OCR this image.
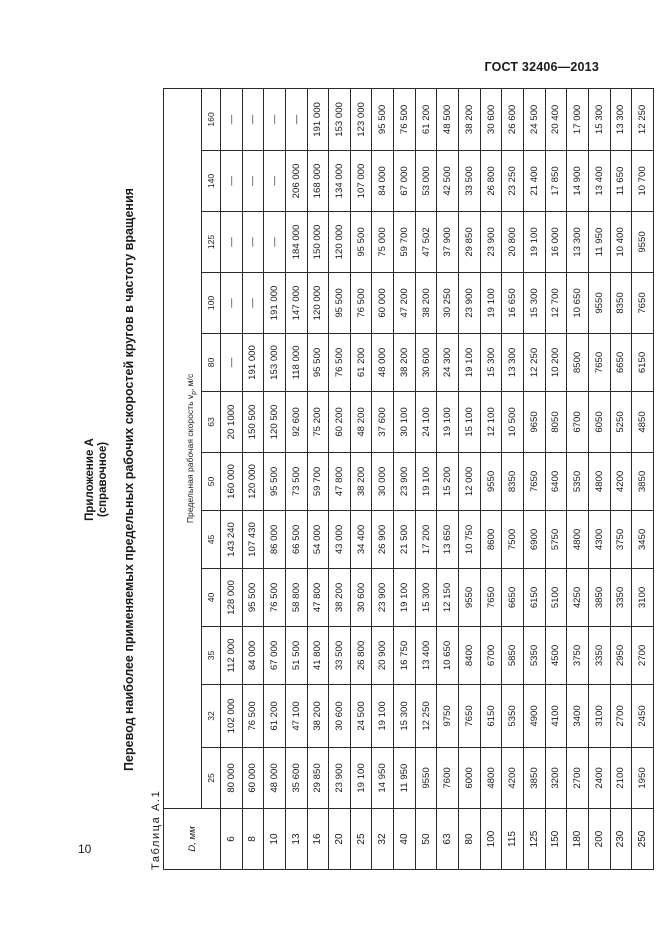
ГОСТ 32406—2013
10
Приложение А (справочное) Перевод наиболее применяемых предельных рабочих скоростей кругов в частоту вращения
Таблица А.1	D, мм	Предельная рабочая скорость $v_р$, м/с											
	25	32	35	40	45	50	63	80	100	125	140	160
6	80 000	102 000	112 000	128 000	143 240	160 000	20 1000	—	—	—	—	—
8	60 000	76 500	84 000	95 500	107 430	120 000	150 500	191 000	—	—	—	—
10	48 000	61 200	67 000	76 500	86 000	95 500	120 500	153 000	191 000	—	—	—
13	35 600	47 100	51 500	58 800	66 500	73 500	92 600	118 000	147 000	184 000	206 000	—
16	29 850	38 200	41 800	47 800	54 000	59 700	75 200	95 500	120 000	150 000	168 000	191 000
20	23 900	30 600	33 500	38 200	43 000	47 800	60 200	76 500	95 500	120 000	134 000	153 000
25	19 100	24 500	26 800	30 600	34 400	38 200	48 200	61 200	76 500	95 500	107 000	123 000
32	14 950	19 100	20 900	23 900	26 900	30 000	37 600	48 000	60 000	75 000	84 000	95 500
40	11 950	15 300	16 750	19 100	21 500	23 900	30 100	38 200	47 200	59 700	67 000	76 500
50	9550	12 250	13 400	15 300	17 200	19 100	24 100	30 600	38 200	47 502	53 000	61 200
63	7600	9750	10 650	12 150	13 650	15 200	19 100	24 300	30 250	37 900	42 500	48 500
80	6000	7650	8400	9550	10 750	12 000	15 100	19 100	23 900	29 850	33 500	38 200
100	4800	6150	6700	7650	8600	9550	12 100	15 300	19 100	23 900	26 800	30 600
115	4200	5350	5850	6650	7500	8350	10 500	13 300	16 650	20 800	23 250	26 600
125	3850	4900	5350	6150	6900	7650	9650	12 250	15 300	19 100	21 400	24 500
150	3200	4100	4500	5100	5750	6400	8050	10 200	12 700	16 000	17 850	20 400
180	2700	3400	3750	4250	4800	5350	6700	8500	10 650	13 300	14 900	17 000
200	2400	3100	3350	3850	4300	4800	6050	7650	9550	11 950	13 400	15 300
230	2100	2700	2950	3350	3750	4200	5250	6650	8350	10 400	11 650	13 300
250	1950	2450	2700	3100	3450	3850	4850	6150	7650	9550	10 700	12 250
